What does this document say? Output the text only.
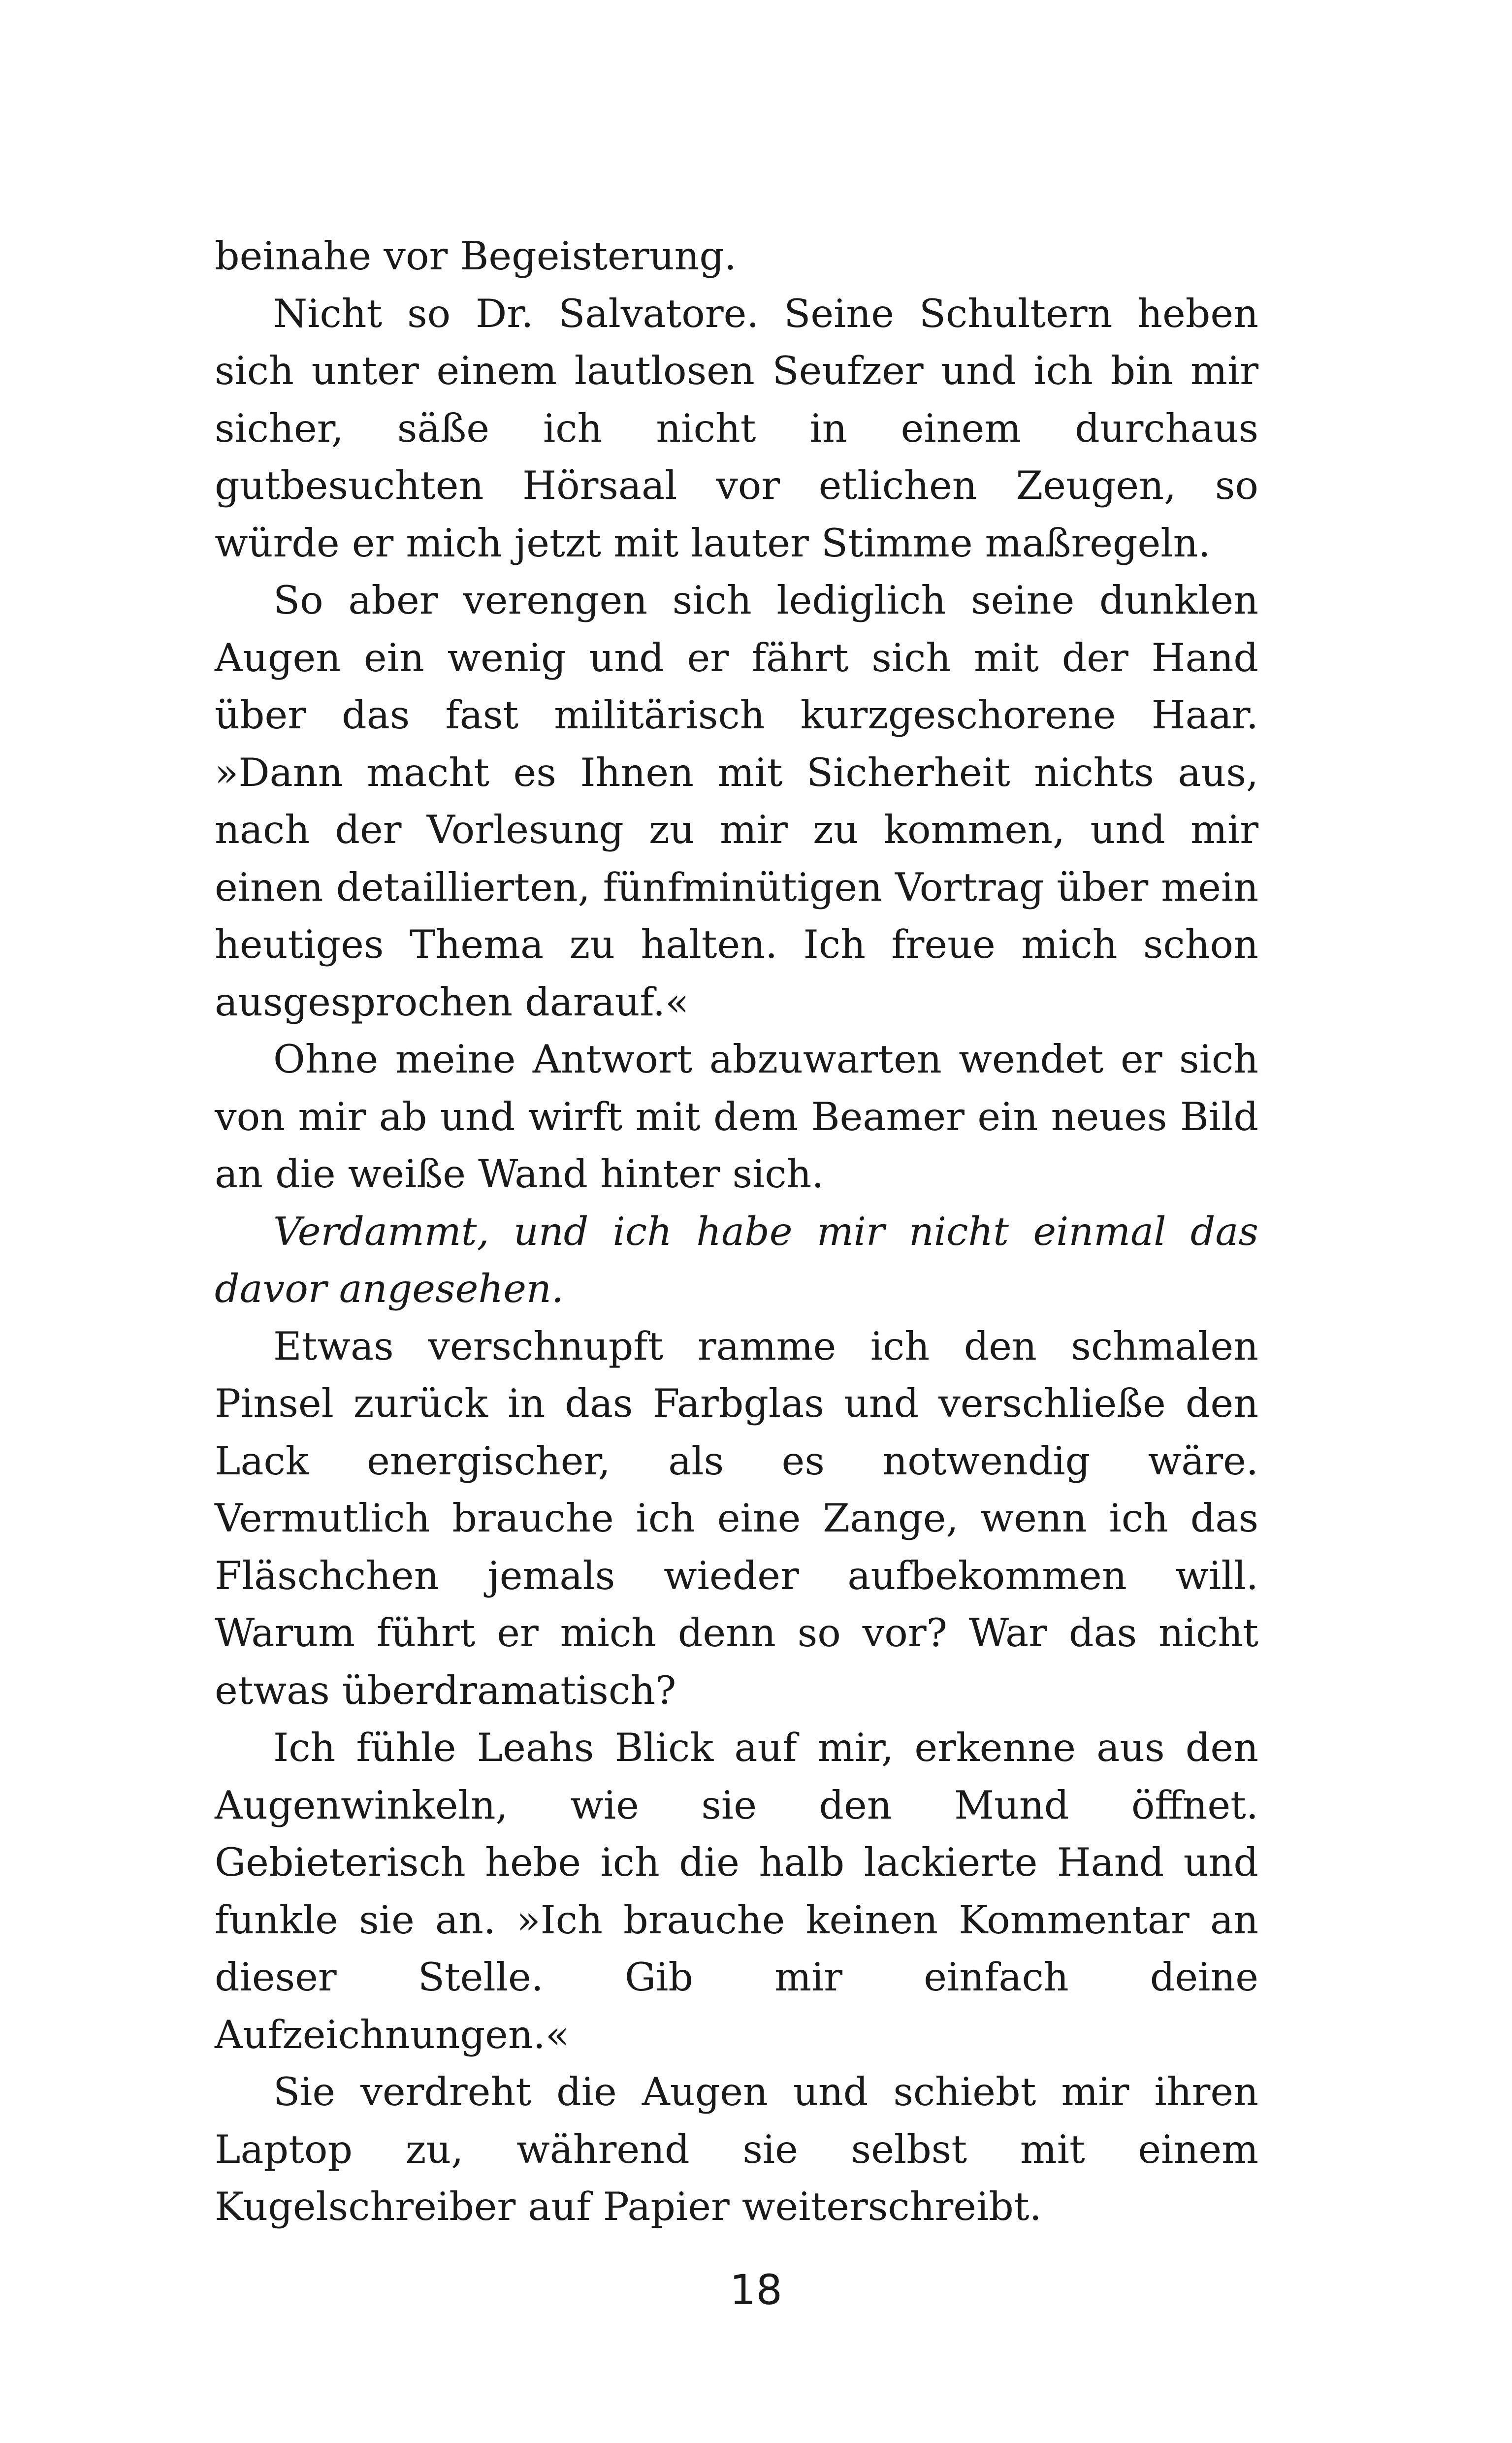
beinahe vor Begeisterung.

Nicht so Dr. Salvatore. Seine Schultern heben sich unter einem lautlosen Seufzer und ich bin mir sicher, säße ich nicht in einem durchaus gutbesuchten Hörsaal vor etlichen Zeugen, so würde er mich jetzt mit lauter Stimme maßregeln.

So aber verengen sich lediglich seine dunklen Augen ein wenig und er fährt sich mit der Hand über das fast militärisch kurzgeschorene Haar. »Dann macht es Ihnen mit Sicherheit nichts aus, nach der Vorlesung zu mir zu kommen, und mir einen detaillierten, fünfminütigen Vortrag über mein heutiges Thema zu halten. Ich freue mich schon ausgesprochen darauf.«

Ohne meine Antwort abzuwarten wendet er sich von mir ab und wirft mit dem Beamer ein neues Bild an die weiße Wand hinter sich.

Verdammt, und ich habe mir nicht einmal das davor angesehen.

Etwas verschnupft ramme ich den schmalen Pinsel zurück in das Farbglas und verschließe den Lack energischer, als es notwendig wäre. Vermutlich brauche ich eine Zange, wenn ich das Fläschchen jemals wieder aufbekommen will. Warum führt er mich denn so vor? War das nicht etwas überdramatisch?

Ich fühle Leahs Blick auf mir, erkenne aus den Augenwinkeln, wie sie den Mund öffnet. Gebieterisch hebe ich die halb lackierte Hand und funkle sie an. »Ich brauche keinen Kommentar an dieser Stelle. Gib mir einfach deine Aufzeichnungen.«

Sie verdreht die Augen und schiebt mir ihren Laptop zu, während sie selbst mit einem Kugelschreiber auf Papier weiterschreibt.

18
